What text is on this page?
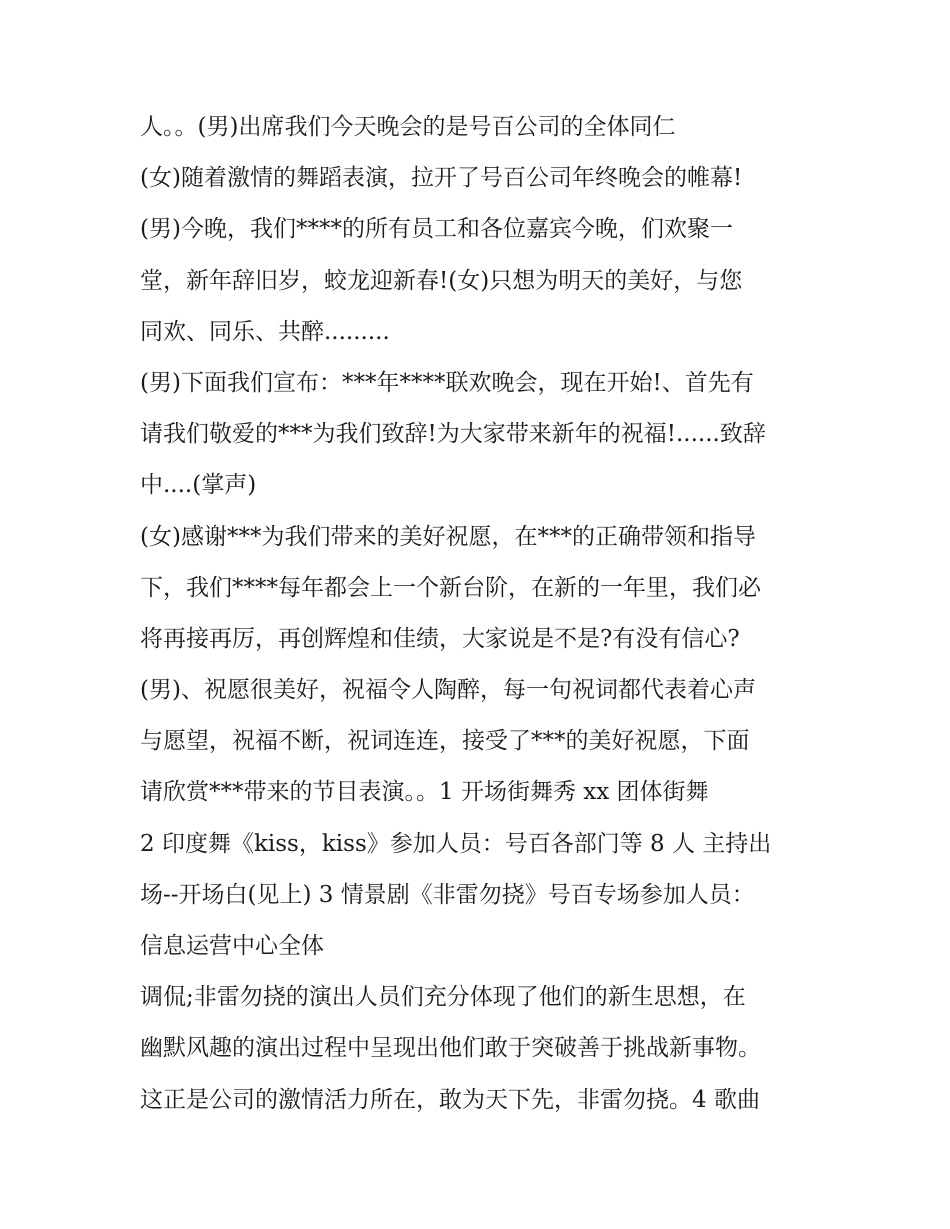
人。。(男)出席我们今天晚会的是号百公司的全体同仁
(女)随着激情的舞蹈表演，拉开了号百公司年终晚会的帷幕!
(男)今晚，我们****的所有员工和各位嘉宾今晚，们欢聚一
堂，新年辞旧岁，蛟龙迎新春!(女)只想为明天的美好，与您
同欢、同乐、共醉.........
(男)下面我们宣布：***年****联欢晚会，现在开始!、首先有
请我们敬爱的***为我们致辞!为大家带来新年的祝福!......致辞
中....(掌声)
(女)感谢***为我们带来的美好祝愿，在***的正确带领和指导
下，我们****每年都会上一个新台阶，在新的一年里，我们必
将再接再厉，再创辉煌和佳绩，大家说是不是?有没有信心?
(男)、祝愿很美好，祝福令人陶醉，每一句祝词都代表着心声
与愿望，祝福不断，祝词连连，接受了***的美好祝愿，下面
请欣赏***带来的节目表演。。1 开场街舞秀 xx 团体街舞
2 印度舞《kiss，kiss》参加人员：号百各部门等 8 人 主持出
场--开场白(见上) 3 情景剧《非雷勿挠》号百专场参加人员：
信息运营中心全体
调侃;非雷勿挠的演出人员们充分体现了他们的新生思想，在
幽默风趣的演出过程中呈现出他们敢于突破善于挑战新事物。
这正是公司的激情活力所在，敢为天下先，非雷勿挠。4 歌曲
